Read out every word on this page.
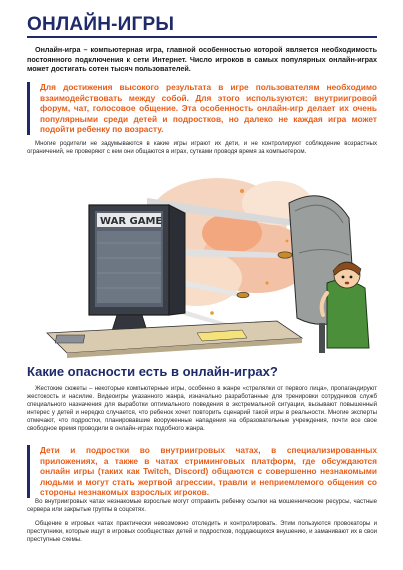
ОНЛАЙН-ИГРЫ

Онлайн-игра – компьютерная игра, главной особенностью которой является необходимость постоянного подключения к сети Интернет. Число игроков в самых популярных онлайн-играх может достигать сотен тысяч пользователей.

Для достижения высокого результата в игре пользователям необходимо взаимодействовать между собой. Для этого используются: внутриигровой форум, чат, голосовое общение. Эта особенность онлайн-игр делает их очень популярными среди детей и подростков, но далеко не каждая игра может подойти ребенку по возрасту.

Многие родители не задумываются в какие игры играют их дети, и не контролируют соблюдение возрастных ограничений, не проверяют с кем они общаются в играх, сутками проводя время за компьютером.

WAR GAME
Какие опасности есть в онлайн-играх?

Жестокие сюжеты – некоторые компьютерные игры, особенно в жанре «стрелялки от первого лица», пропагандируют жестокость и насилие. Видеоигры указанного жанра, изначально разработанные для тренировки сотрудников служб специального назначения для выработки оптимального поведения в экстремальной ситуации, вызывают повышенный интерес у детей и нередко случается, что ребенок хочет повторить сценарий такой игры в реальности. Многие эксперты отмечают, что подростки, планировавшие вооруженные нападения на образовательные учреждения, почти все свое свободное время проводили в онлайн-играх подобного жанра.

Дети и подростки во внутриигровых чатах, в специализированных приложениях, а также в чатах стриминговых платформ, где обсуждаются онлайн игры (таких как Twitch, Discord) общаются с совершенно незнакомыми людьми и могут стать жертвой агрессии, травли и неприемлемого общения со стороны незнакомых взрослых игроков.

Во внутриигровых чатах незнакомые взрослые могут отправить ребенку ссылки на мошеннические ресурсы, частные сервера или закрытые группы в соцсетях.

Общение в игровых чатах практически невозможно отследить и контролировать. Этим пользуются провокаторы и преступники, которые ищут в игровых сообществах детей и подростков, поддающихся внушению, и заманивают их в свои преступные схемы.
